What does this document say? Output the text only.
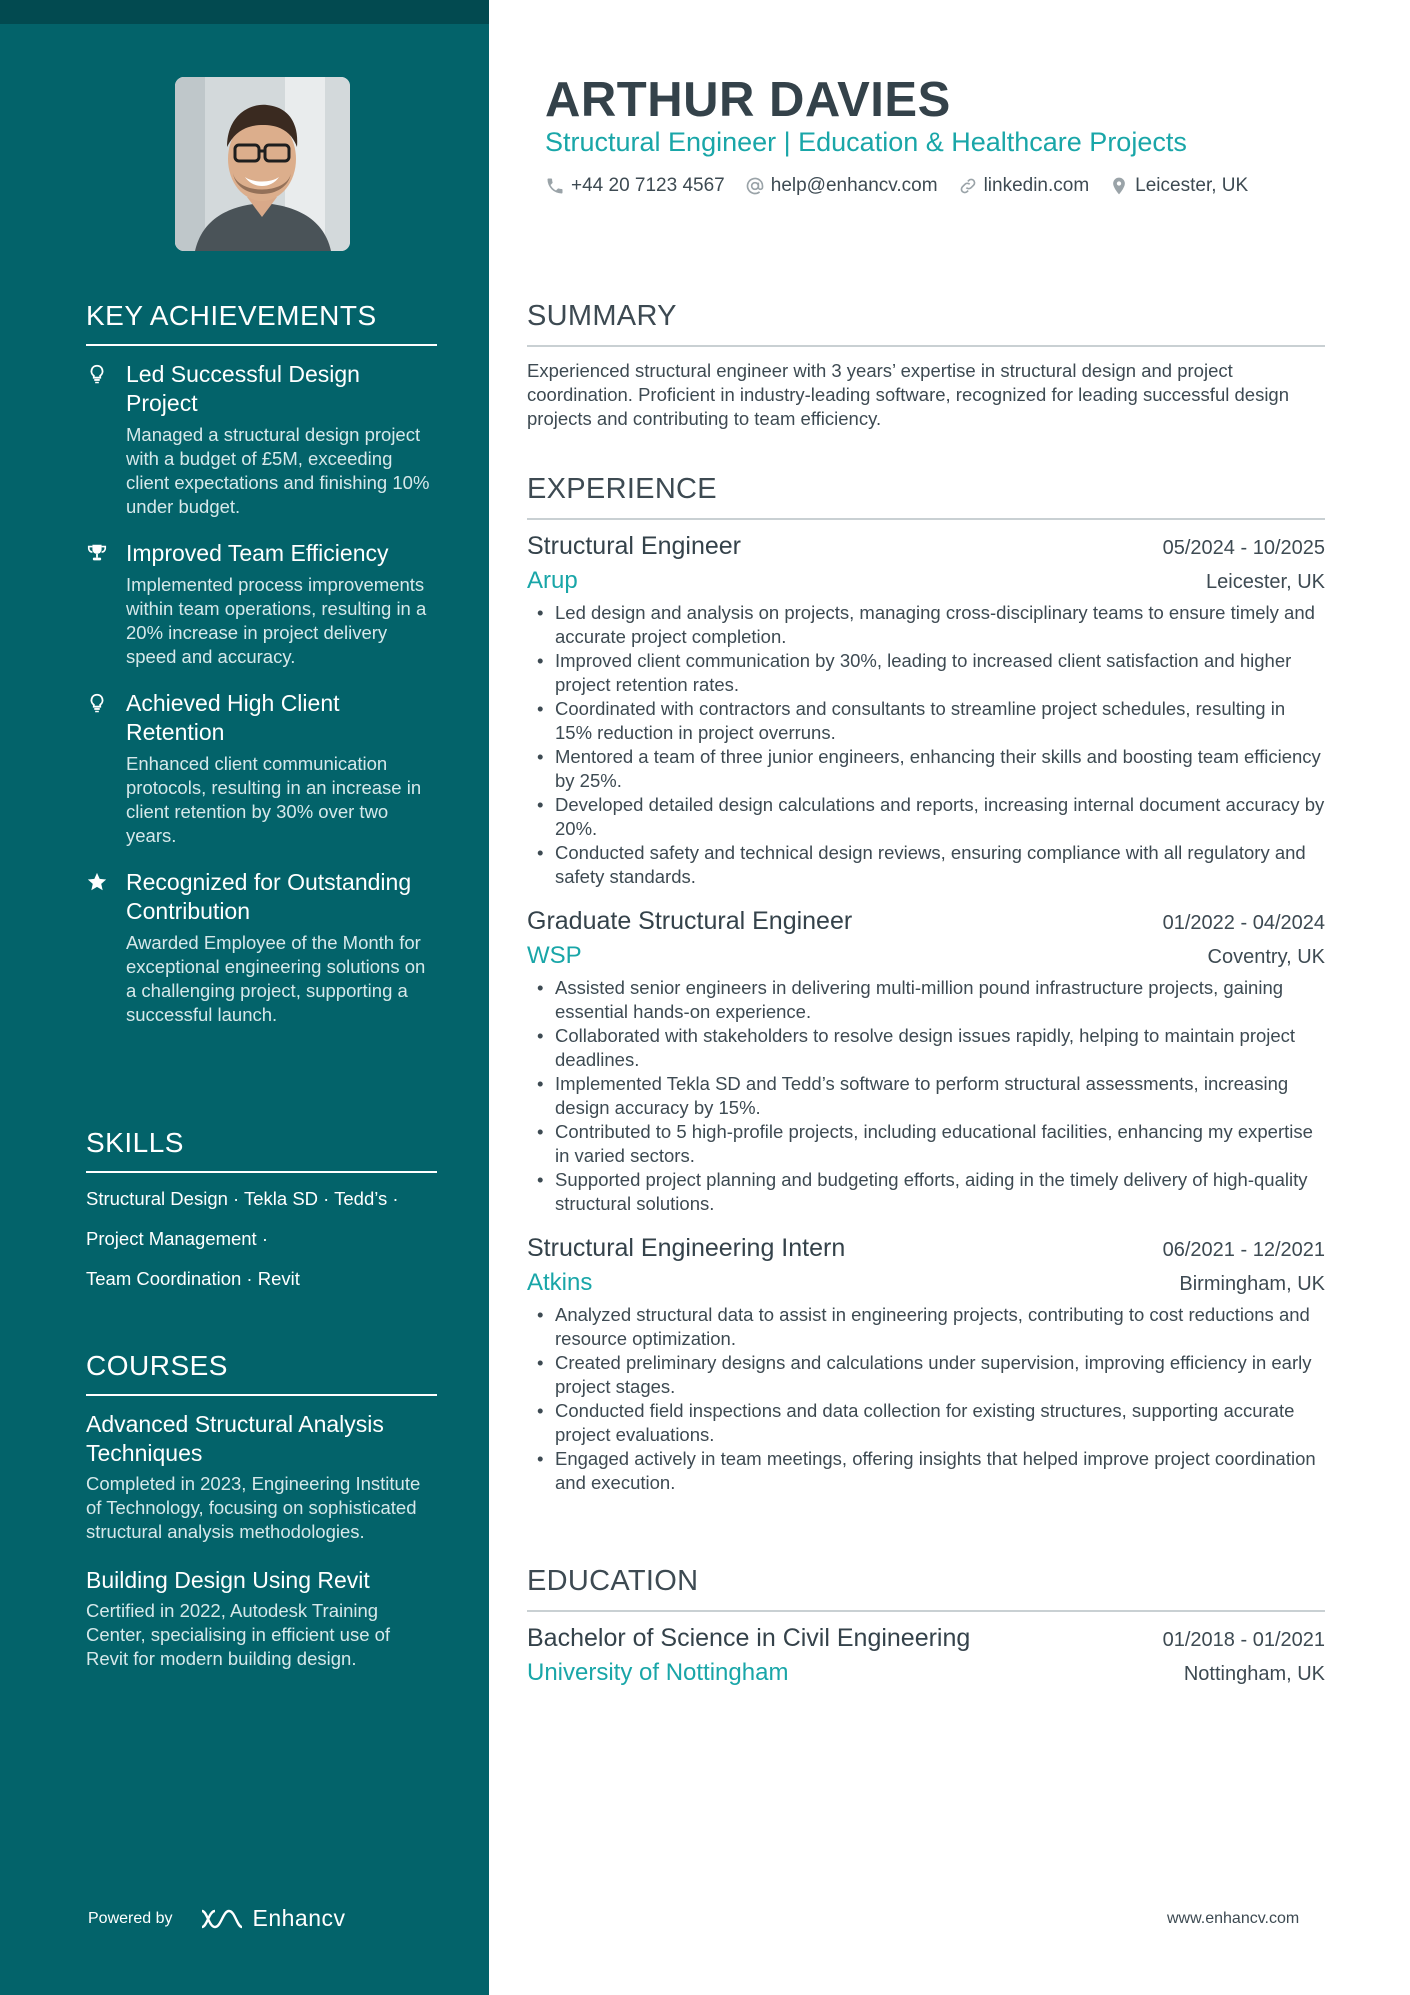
KEY ACHIEVEMENTS
Led Successful Design Project
Managed a structural design project with a budget of £5M, exceeding client expectations and finishing 10% under budget.
Improved Team Efficiency
Implemented process improvements within team operations, resulting in a 20% increase in project delivery speed and accuracy.
Achieved High Client Retention
Enhanced client communication protocols, resulting in an increase in client retention by 30% over two years.
Recognized for Outstanding Contribution
Awarded Employee of the Month for exceptional engineering solutions on a challenging project, supporting a successful launch.
SKILLS
Structural Design · Tekla SD · Tedd’s ·
Project Management ·
Team Coordination · Revit
COURSES
Advanced Structural Analysis Techniques
Completed in 2023, Engineering Institute of Technology, focusing on sophisticated structural analysis methodologies.
Building Design Using Revit
Certified in 2022, Autodesk Training Center, specialising in efficient use of Revit for modern building design.
Powered by	Enhancv
ARTHUR DAVIES
Structural Engineer | Education & Healthcare Projects
+44 20 7123 4567 help@enhancv.com linkedin.com Leicester, UK
SUMMARY
Experienced structural engineer with 3 years’ expertise in structural design and project coordination. Proficient in industry-leading software, recognized for leading successful design projects and contributing to team efficiency.
EXPERIENCE
Structural Engineer	05/2024 - 10/2025
Arup	Leicester, UK
• Led design and analysis on projects, managing cross-disciplinary teams to ensure timely and accurate project completion.
• Improved client communication by 30%, leading to increased client satisfaction and higher project retention rates.
• Coordinated with contractors and consultants to streamline project schedules, resulting in 15% reduction in project overruns.
• Mentored a team of three junior engineers, enhancing their skills and boosting team efficiency by 25%.
• Developed detailed design calculations and reports, increasing internal document accuracy by 20%.
• Conducted safety and technical design reviews, ensuring compliance with all regulatory and safety standards.
Graduate Structural Engineer	01/2022 - 04/2024
WSP	Coventry, UK
• Assisted senior engineers in delivering multi-million pound infrastructure projects, gaining essential hands-on experience.
• Collaborated with stakeholders to resolve design issues rapidly, helping to maintain project deadlines.
• Implemented Tekla SD and Tedd’s software to perform structural assessments, increasing design accuracy by 15%.
• Contributed to 5 high-profile projects, including educational facilities, enhancing my expertise in varied sectors.
• Supported project planning and budgeting efforts, aiding in the timely delivery of high-quality structural solutions.
Structural Engineering Intern	06/2021 - 12/2021
Atkins	Birmingham, UK
• Analyzed structural data to assist in engineering projects, contributing to cost reductions and resource optimization.
• Created preliminary designs and calculations under supervision, improving efficiency in early project stages.
• Conducted field inspections and data collection for existing structures, supporting accurate project evaluations.
• Engaged actively in team meetings, offering insights that helped improve project coordination and execution.
EDUCATION
Bachelor of Science in Civil Engineering	01/2018 - 01/2021
University of Nottingham	Nottingham, UK
www.enhancv.com
